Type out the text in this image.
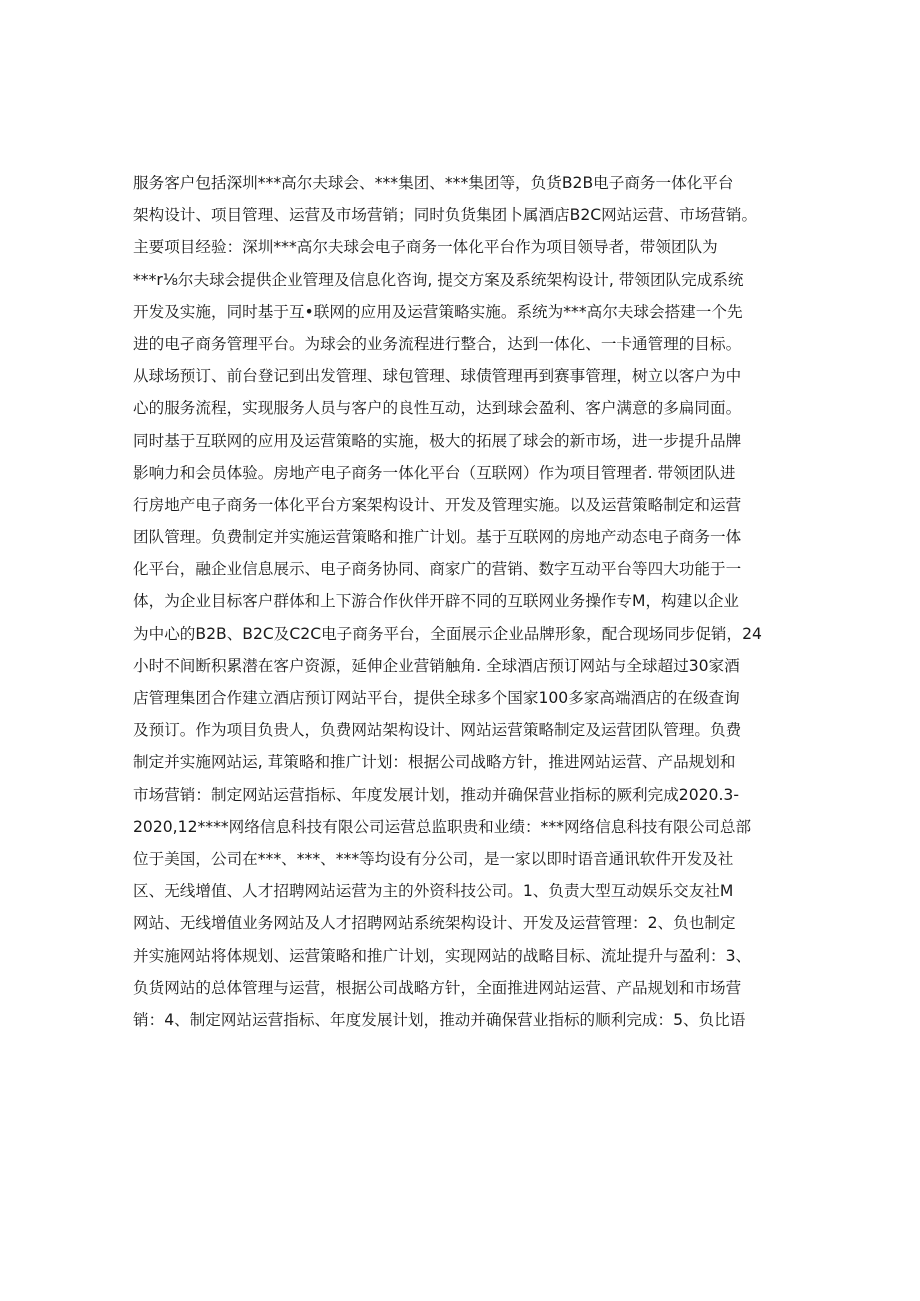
服务客户包括深圳***高尔夫球会、***集团、***集团等，负货B2B电子商务一体化平台
架构设计、项目管理、运营及市场营销；同时负货集团卜属酒店B2C网站运营、市场营销。
主要项目经验：深圳***高尔夫球会电子商务一体化平台作为项目领导者，带领团队为
***r⅛尔夫球会提供企业管理及信息化咨询, 提交方案及系统架构设计, 带领团队完成系统
开发及实施，同时基于互•联网的应用及运营策略实施。系统为***高尔夫球会搭建一个先
进的电孑商务管理平台。为球会的业务流程进行整合，达到一体化、一卡通管理的目标。
从球场预订、前台登记到出发管理、球包管理、球债管理再到赛事管理，树立以客户为中
心的服务流程，实现服务人员与客户的良性互动，达到球会盈利、客户满意的多扁同面。
同时基于互联网的应用及运营策略的实施，极大的拓展了球会的新市场，进一步提升品牌
影响力和会员体验。房地产电子商务一体化平台（互联网）作为项目管理者. 带领团队进
行房地产电子商务一体化平台方案架构设计、开发及管理实施。以及运营策略制定和运营
团队管理。负费制定并实施运营策略和推广计划。基于互联网的房地产动态电子商务一体
化平台，融企业信息展示、电子商务协同、商家广的营销、数字互动平台等四大功能于一
体，为企业目标客户群体和上下游合作伙伴开辟不同的互联网业务操作专M，构建以企业
为中心的B2B、B2C及C2C电子商务平台，全面展示企业品牌形象，配合现场同步促销，24
小时不间断积累潜在客户资源，延伸企业营销触角. 全球酒店预订网站与全球超过30家酒
店管理集团合作建立酒店预订网站平台，提供全球多个国家100多家高端酒店的在级查询
及预订。作为项目负贵人，负费网站架构设计、网站运营策略制定及运营团队管理。负费
制定并实施网站运, 茸策略和推广计划：根据公司战略方针，推进网站运营、产品规划和
市场营销：制定网站运营指标、年度发展计划，推动并确保营业指标的厥利完成2020.3-
2020,12****网络信息科技有限公司运营总监职贵和业绩：***网络信息科技有限公司总部
位于美国，公司在***、***、***等均设有分公司，是一家以即时语音通讯软件开发及社
区、无线增值、人才招聘网站运营为主的外资科技公司。1、负责大型互动娱乐交友社M
网站、无线增值业务网站及人才招聘网站系统架构设计、开发及运营管理：2、负也制定
并实施网站将体规划、运营策略和推广计划，实现网站的战略目标、流址提升与盈利：3、
负货网站的总体管理与运营，根据公司战略方针，全面推进网站运营、产品规划和市场营
销：4、制定网站运营指标、年度发展计划，推动并确保营业指标的顺利完成：5、负比语
